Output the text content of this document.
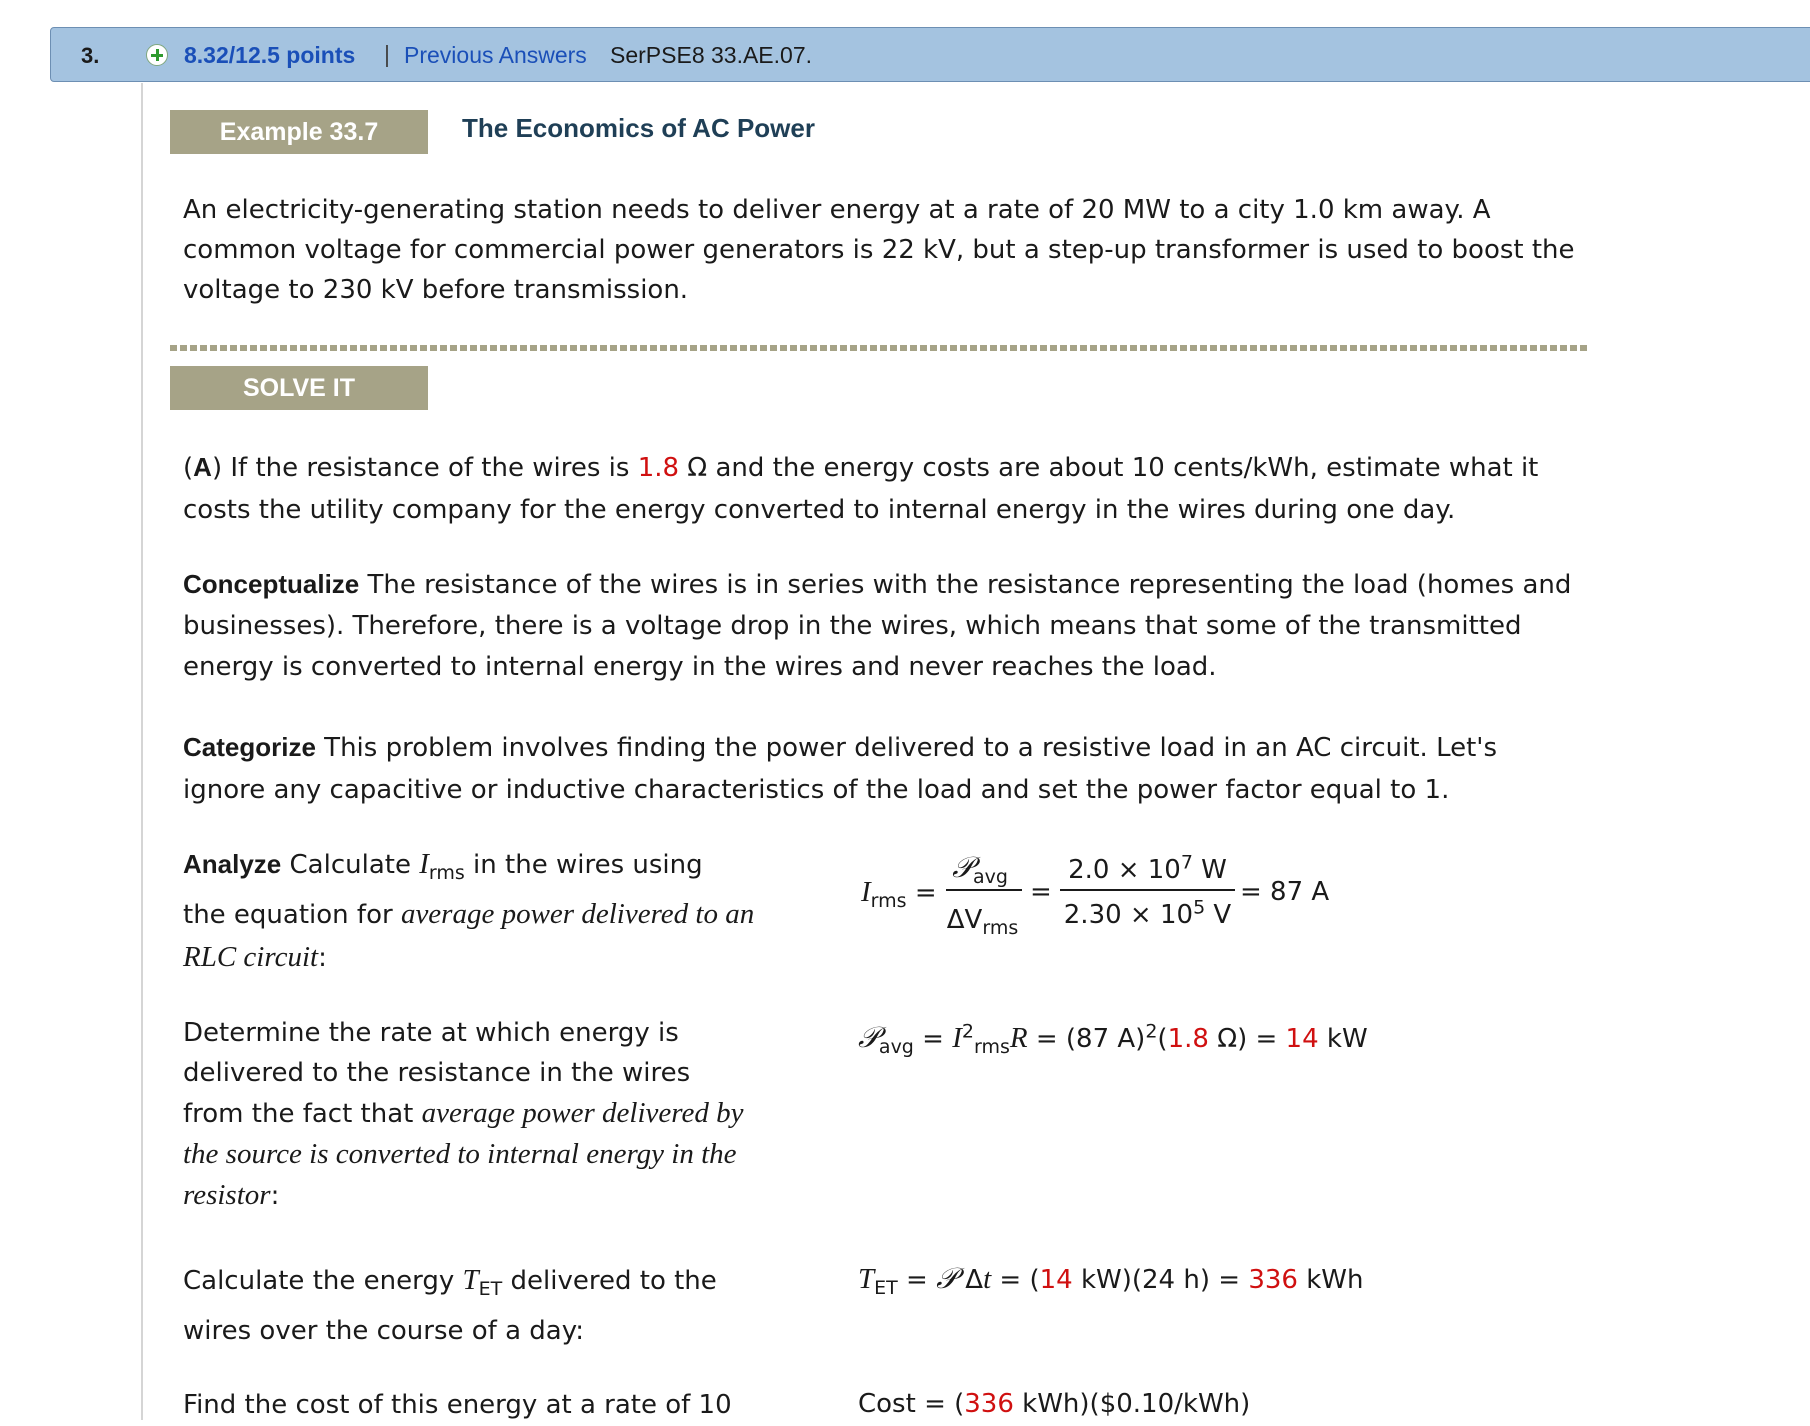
3.	8.32/12.5 points | Previous Answers SerPSE8 33.AE.07.
Example 33.7	The Economics of AC Power
An electricity-generating station needs to deliver energy at a rate of 20 MW to a city 1.0 km away. A
common voltage for commercial power generators is 22 kV, but a step-up transformer is used to boost the
voltage to 230 kV before transmission.
SOLVE IT
(A) If the resistance of the wires is 1.8 Ω and the energy costs are about 10 cents/kWh, estimate what it
costs the utility company for the energy converted to internal energy in the wires during one day.
Conceptualize The resistance of the wires is in series with the resistance representing the load (homes and
businesses). Therefore, there is a voltage drop in the wires, which means that some of the transmitted
energy is converted to internal energy in the wires and never reaches the load.
Categorize This problem involves finding the power delivered to a resistive load in an AC circuit. Let's
ignore any capacitive or inductive characteristics of the load and set the power factor equal to 1.
Analyze Calculate $I_{rms}$ in the wires using
the equation for average power delivered to an
RLC circuit:
$I_{rms}$ =
𝒫$_{avg}$
$\Delta V_{rms}$
=
$2.0 \times 10^7$ W
$2.30 \times 10^5$ V
= 87 A
Determine the rate at which energy is
delivered to the resistance in the wires
from the fact that average power delivered by
the source is converted to internal energy in the
resistor:
𝒫$_{avg}$ = $I^2_{rms}R = (87$ A)$^2$(1.8 Ω) = 14 kW
Calculate the energy $T_{ET}$ delivered to the
wires over the course of a day:
$T_{ET}$ = 𝒫 Δt = (14 kW)(24 h) = 336 kWh
Find the cost of this energy at a rate of 10	Cost = (336 kWh)($0.10/kWh)
